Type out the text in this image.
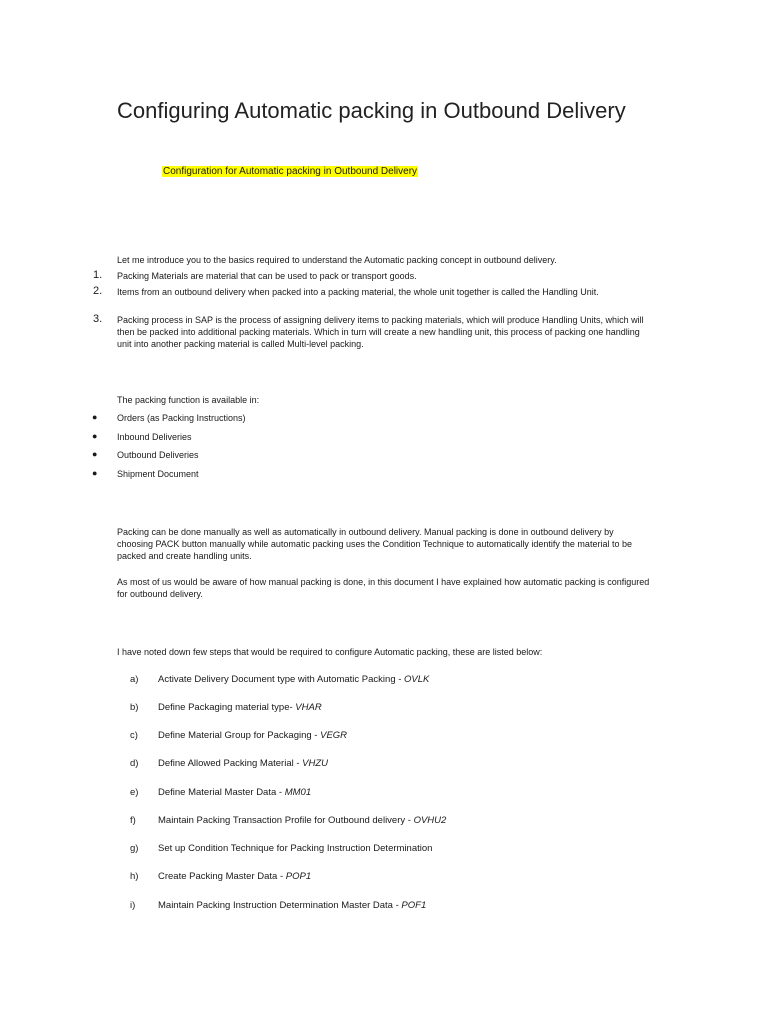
Configuring Automatic packing in Outbound Delivery
Configuration for Automatic packing in Outbound Delivery
Let me introduce you to the basics required to understand the Automatic packing concept in outbound delivery.
1. Packing Materials are material that can be used to pack or transport goods.
2. Items from an outbound delivery when packed into a packing material, the whole unit together is called the Handling Unit.
3. Packing process in SAP is the process of assigning delivery items to packing materials, which will produce Handling Units, which will then be packed into additional packing materials. Which in turn will create a new handling unit, this process of packing one handling unit into another packing material is called Multi-level packing.
The packing function is available in:
● Orders (as Packing Instructions)
● Inbound Deliveries
● Outbound Deliveries
● Shipment Document
Packing can be done manually as well as automatically in outbound delivery. Manual packing is done in outbound delivery by choosing PACK button manually while automatic packing uses the Condition Technique to automatically identify the material to be packed and create handling units.
As most of us would be aware of how manual packing is done, in this document I have explained how automatic packing is configured for outbound delivery.
I have noted down few steps that would be required to configure Automatic packing, these are listed below:
a) Activate Delivery Document type with Automatic Packing - OVLK
b) Define Packaging material type- VHAR
c) Define Material Group for Packaging - VEGR
d) Define Allowed Packing Material - VHZU
e) Define Material Master Data - MM01
f) Maintain Packing Transaction Profile for Outbound delivery - OVHU2
g) Set up Condition Technique for Packing Instruction Determination
h) Create Packing Master Data - POP1
i) Maintain Packing Instruction Determination Master Data - POF1
